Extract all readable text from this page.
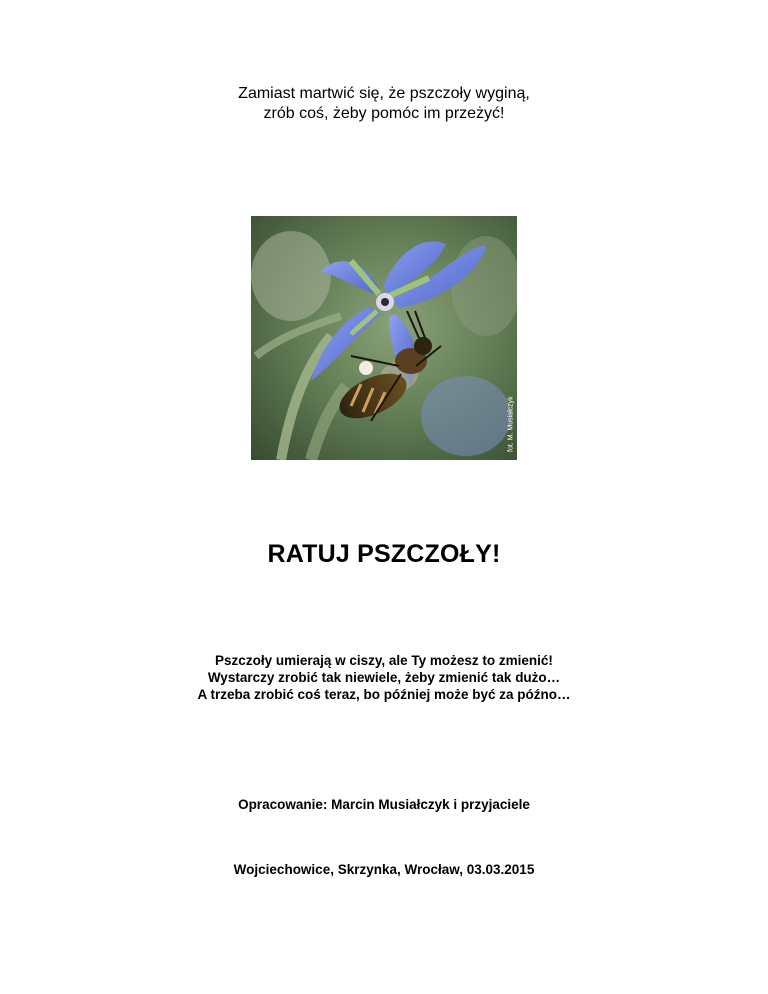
Zamiast martwić się, że pszczoły wyginą,
zrób coś, żeby pomóc im przeżyć!
fot. M. Musiałczyk
RATUJ PSZCZOŁY!
Pszczoły umierają w ciszy, ale Ty możesz to zmienić!
Wystarczy zrobić tak niewiele, żeby zmienić tak dużo…
A trzeba zrobić coś teraz, bo później może być za późno…
Opracowanie: Marcin Musiałczyk i przyjaciele
Wojciechowice, Skrzynka, Wrocław, 03.03.2015
